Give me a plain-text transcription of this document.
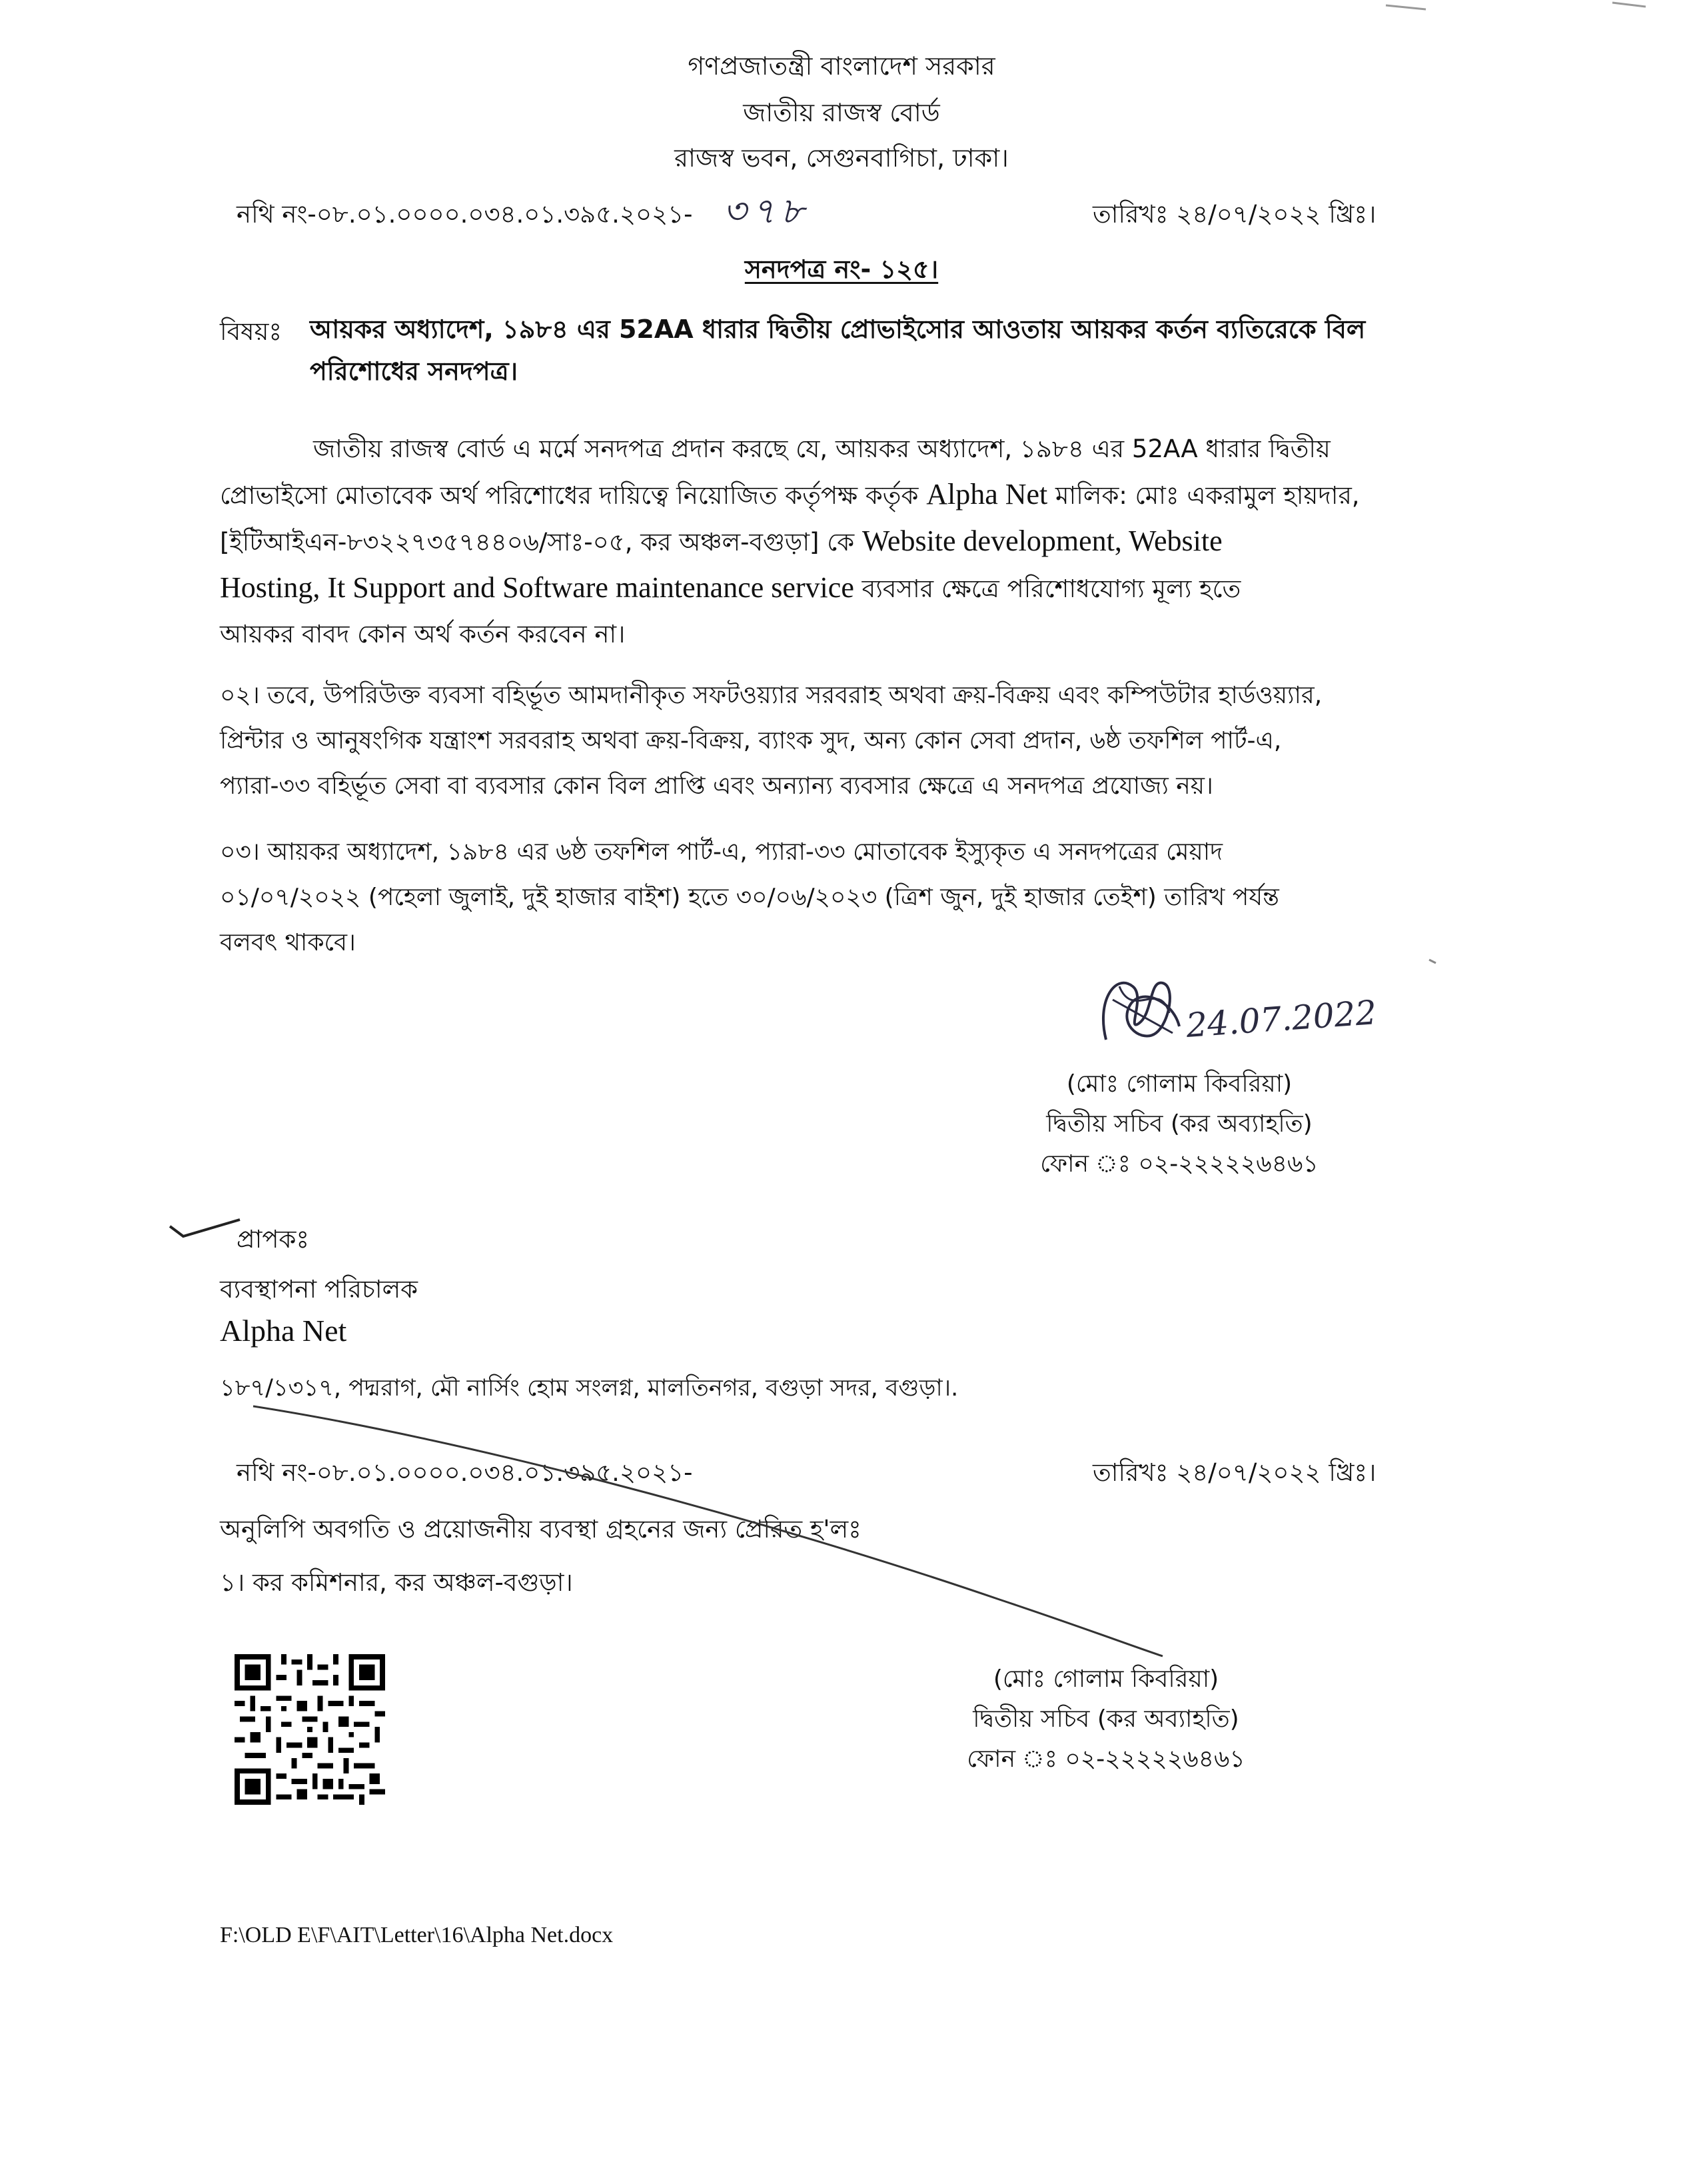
গণপ্রজাতন্ত্রী বাংলাদেশ সরকার
জাতীয় রাজস্ব বোর্ড
রাজস্ব ভবন, সেগুনবাগিচা, ঢাকা।
নথি নং-০৮.০১.০০০০.০৩৪.০১.৩৯৫.২০২১- ৩৭৮	তারিখঃ ২৪/০৭/২০২২ খ্রিঃ।
সনদপত্র নং- ১২৫।
বিষয়ঃ আয়কর অধ্যাদেশ, ১৯৮৪ এর 52AA ধারার দ্বিতীয় প্রোভাইসোর আওতায় আয়কর কর্তন ব্যতিরেকে বিল
পরিশোধের সনদপত্র।
জাতীয় রাজস্ব বোর্ড এ মর্মে সনদপত্র প্রদান করছে যে, আয়কর অধ্যাদেশ, ১৯৮৪ এর 52AA ধারার দ্বিতীয়
প্রোভাইসো মোতাবেক অর্থ পরিশোধের দায়িত্বে নিয়োজিত কর্তৃপক্ষ কর্তৃক Alpha Net মালিক: মোঃ একরামুল হায়দার,
[ইটিআইএন-৮৩২২৭৩৫৭৪৪০৬/সাঃ-০৫, কর অঞ্চল-বগুড়া] কে Website development, Website
Hosting, It Support and Software maintenance service ব্যবসার ক্ষেত্রে পরিশোধযোগ্য মূল্য হতে
আয়কর বাবদ কোন অর্থ কর্তন করবেন না।
০২। তবে, উপরিউক্ত ব্যবসা বহির্ভূত আমদানীকৃত সফটওয়্যার সরবরাহ অথবা ক্রয়-বিক্রয় এবং কম্পিউটার হার্ডওয়্যার,
প্রিন্টার ও আনুষংগিক যন্ত্রাংশ সরবরাহ অথবা ক্রয়-বিক্রয়, ব্যাংক সুদ, অন্য কোন সেবা প্রদান, ৬ষ্ঠ তফশিল পার্ট-এ,
প্যারা-৩৩ বহির্ভূত সেবা বা ব্যবসার কোন বিল প্রাপ্তি এবং অন্যান্য ব্যবসার ক্ষেত্রে এ সনদপত্র প্রযোজ্য নয়।
০৩। আয়কর অধ্যাদেশ, ১৯৮৪ এর ৬ষ্ঠ তফশিল পার্ট-এ, প্যারা-৩৩ মোতাবেক ইস্যুকৃত এ সনদপত্রের মেয়াদ
০১/০৭/২০২২ (পহেলা জুলাই, দুই হাজার বাইশ) হতে ৩০/০৬/২০২৩ (ত্রিশ জুন, দুই হাজার তেইশ) তারিখ পর্যন্ত
বলবৎ থাকবে।
24.07.2022
(মোঃ গোলাম কিবরিয়া)
দ্বিতীয় সচিব (কর অব্যাহতি)
ফোন ঃ ০২-২২২২২৬৪৬১
প্রাপকঃ
ব্যবস্থাপনা পরিচালক
Alpha Net
১৮৭/১৩১৭, পদ্মরাগ, মৌ নার্সিং হোম সংলগ্ন, মালতিনগর, বগুড়া সদর, বগুড়া।.
নথি নং-০৮.০১.০০০০.০৩৪.০১.৩৯৫.২০২১-	তারিখঃ ২৪/০৭/২০২২ খ্রিঃ।
অনুলিপি অবগতি ও প্রয়োজনীয় ব্যবস্থা গ্রহনের জন্য প্রেরিত হ'লঃ
১। কর কমিশনার, কর অঞ্চল-বগুড়া।
(মোঃ গোলাম কিবরিয়া)
দ্বিতীয় সচিব (কর অব্যাহতি)
ফোন ঃ ০২-২২২২২৬৪৬১
F:\OLD E\F\AIT\Letter\16\Alpha Net.docx
